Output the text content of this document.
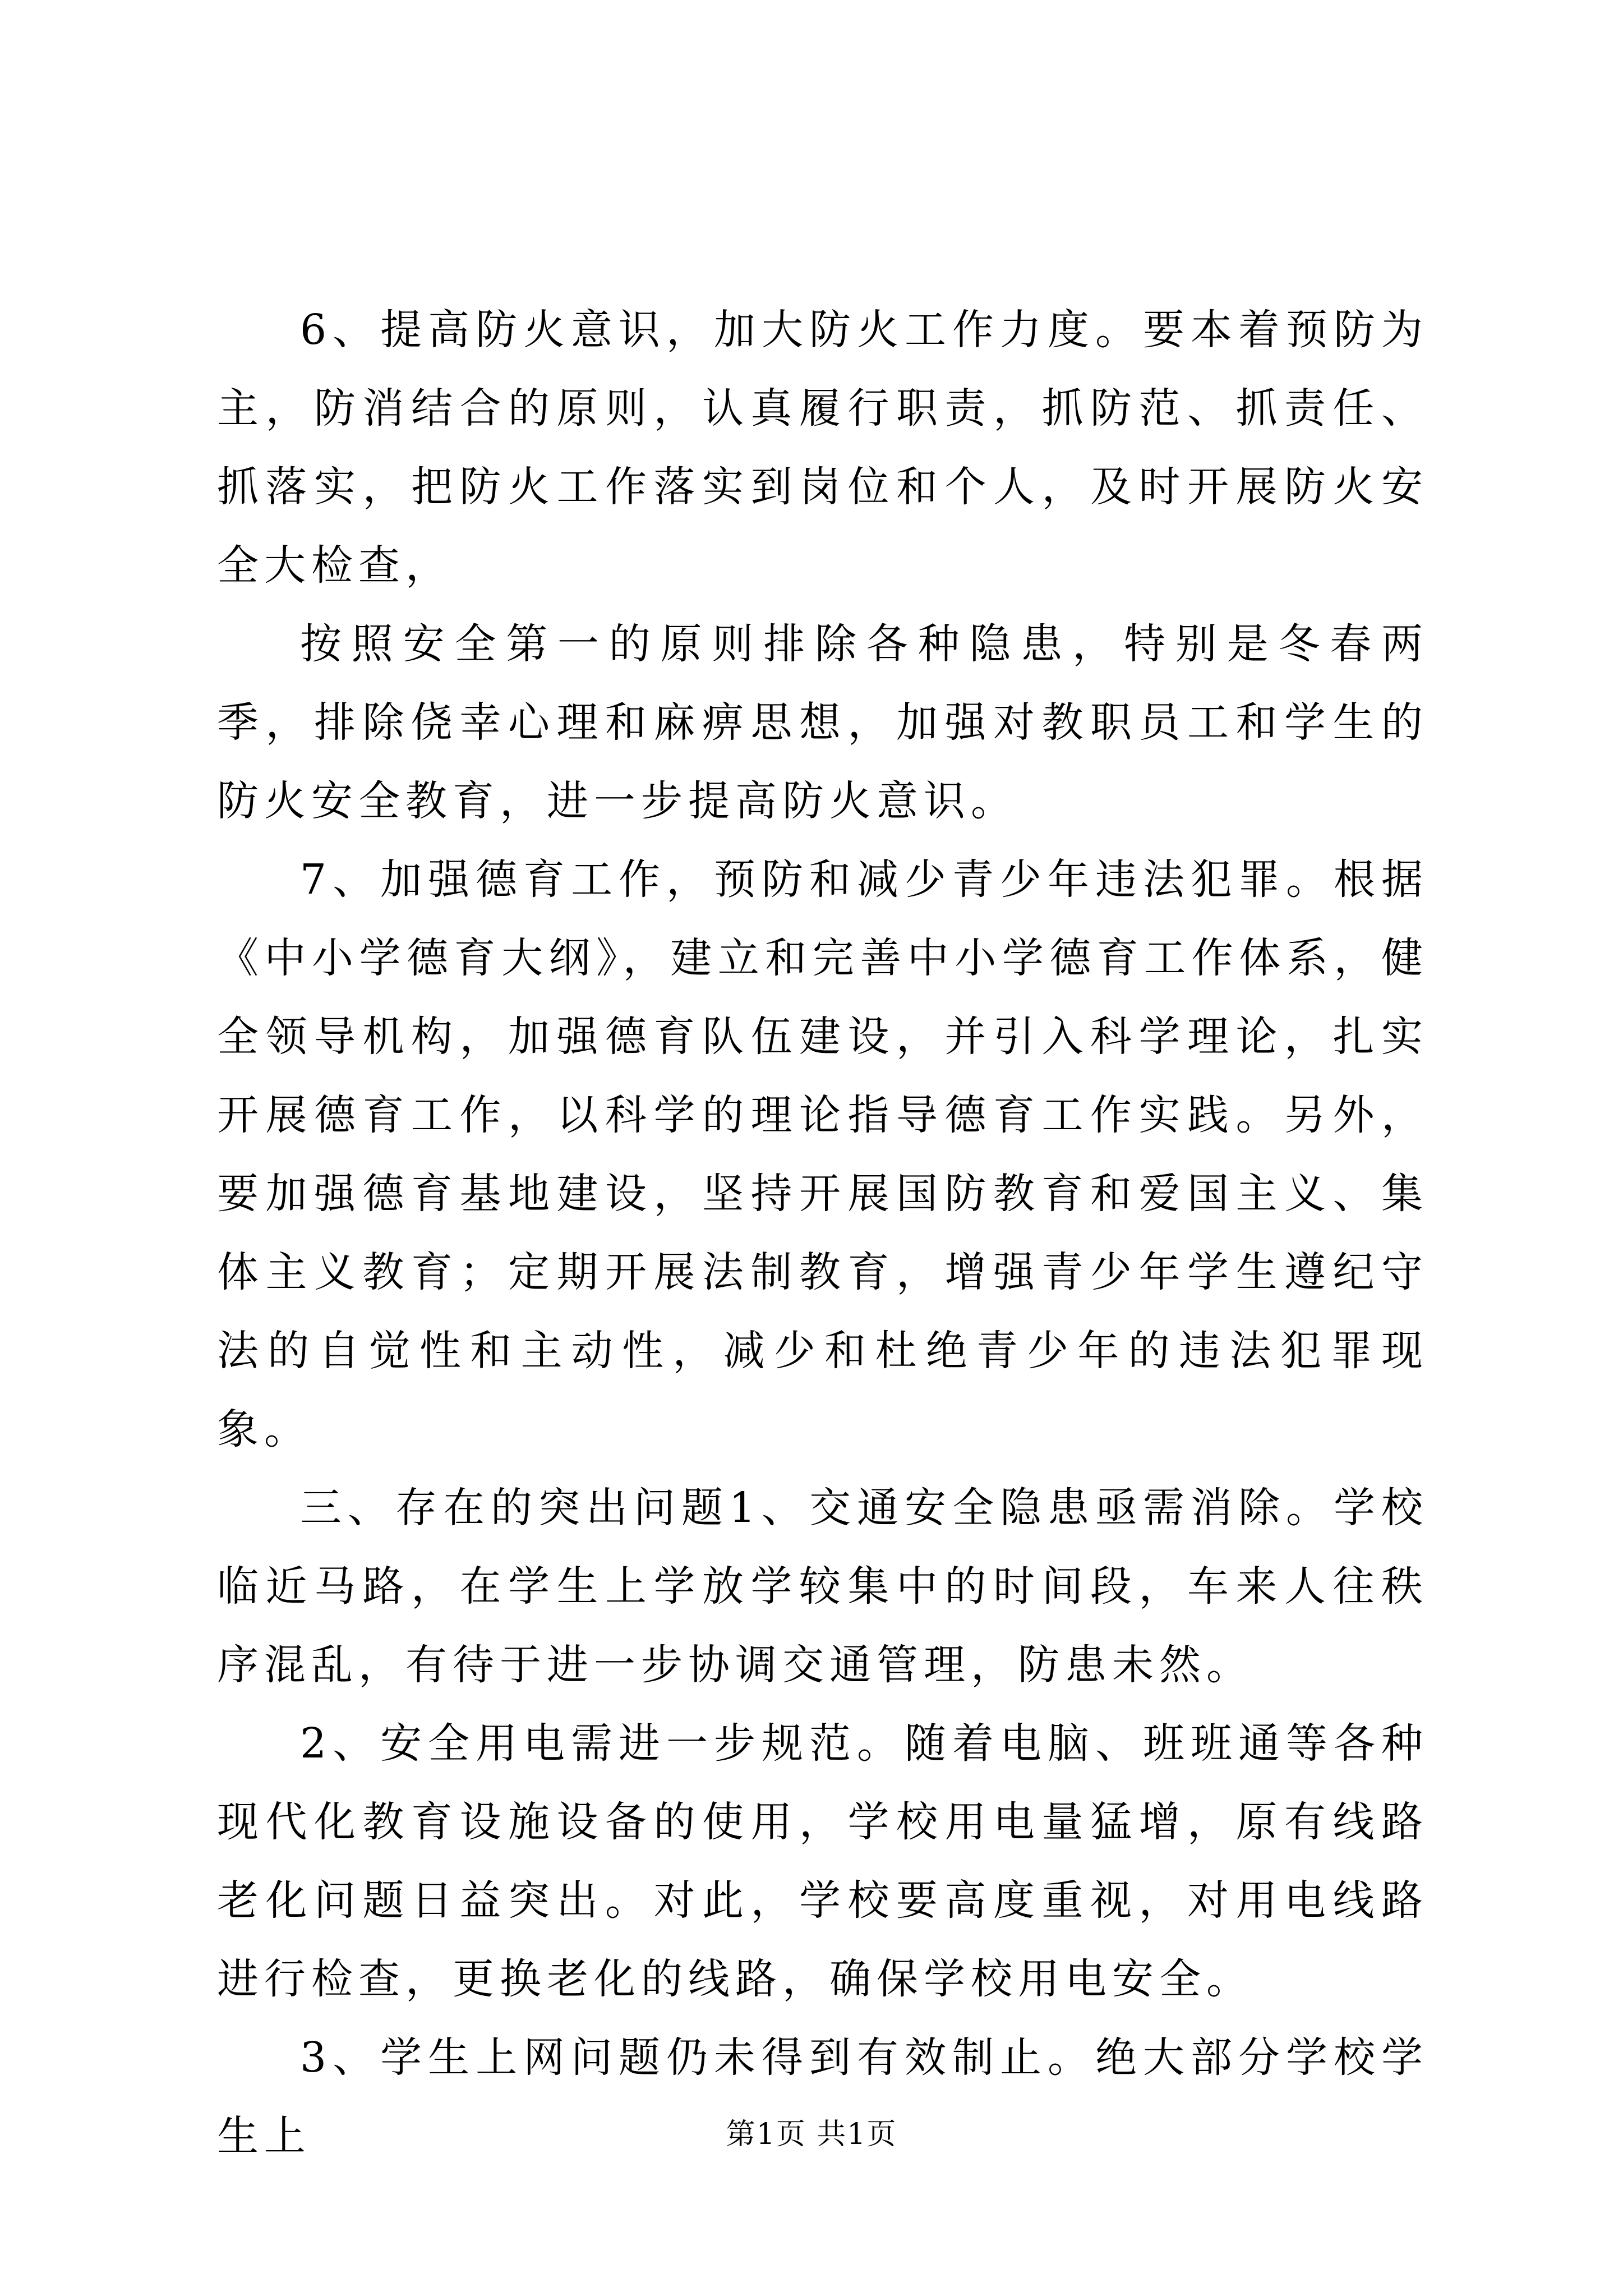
6、提高防火意识，加大防火工作力度。要本着预防为主，防消结合的原则，认真履行职责，抓防范、抓责任、抓落实，把防火工作落实到岗位和个人，及时开展防火安全大检查，

按照安全第一的原则排除各种隐患，特别是冬春两季，排除侥幸心理和麻痹思想，加强对教职员工和学生的防火安全教育，进一步提高防火意识。

7、加强德育工作，预防和减少青少年违法犯罪。根据《中小学德育大纲》，建立和完善中小学德育工作体系，健全领导机构，加强德育队伍建设，并引入科学理论，扎实开展德育工作，以科学的理论指导德育工作实践。另外，要加强德育基地建设，坚持开展国防教育和爱国主义、集体主义教育；定期开展法制教育，增强青少年学生遵纪守法的自觉性和主动性，减少和杜绝青少年的违法犯罪现象。

三、存在的突出问题1、交通安全隐患亟需消除。学校临近马路，在学生上学放学较集中的时间段，车来人往秩序混乱，有待于进一步协调交通管理，防患未然。

2、安全用电需进一步规范。随着电脑、班班通等各种现代化教育设施设备的使用，学校用电量猛增，原有线路老化问题日益突出。对此，学校要高度重视，对用电线路进行检查，更换老化的线路，确保学校用电安全。

3、学生上网问题仍未得到有效制止。绝大部分学校学生上	第1页 共1页
